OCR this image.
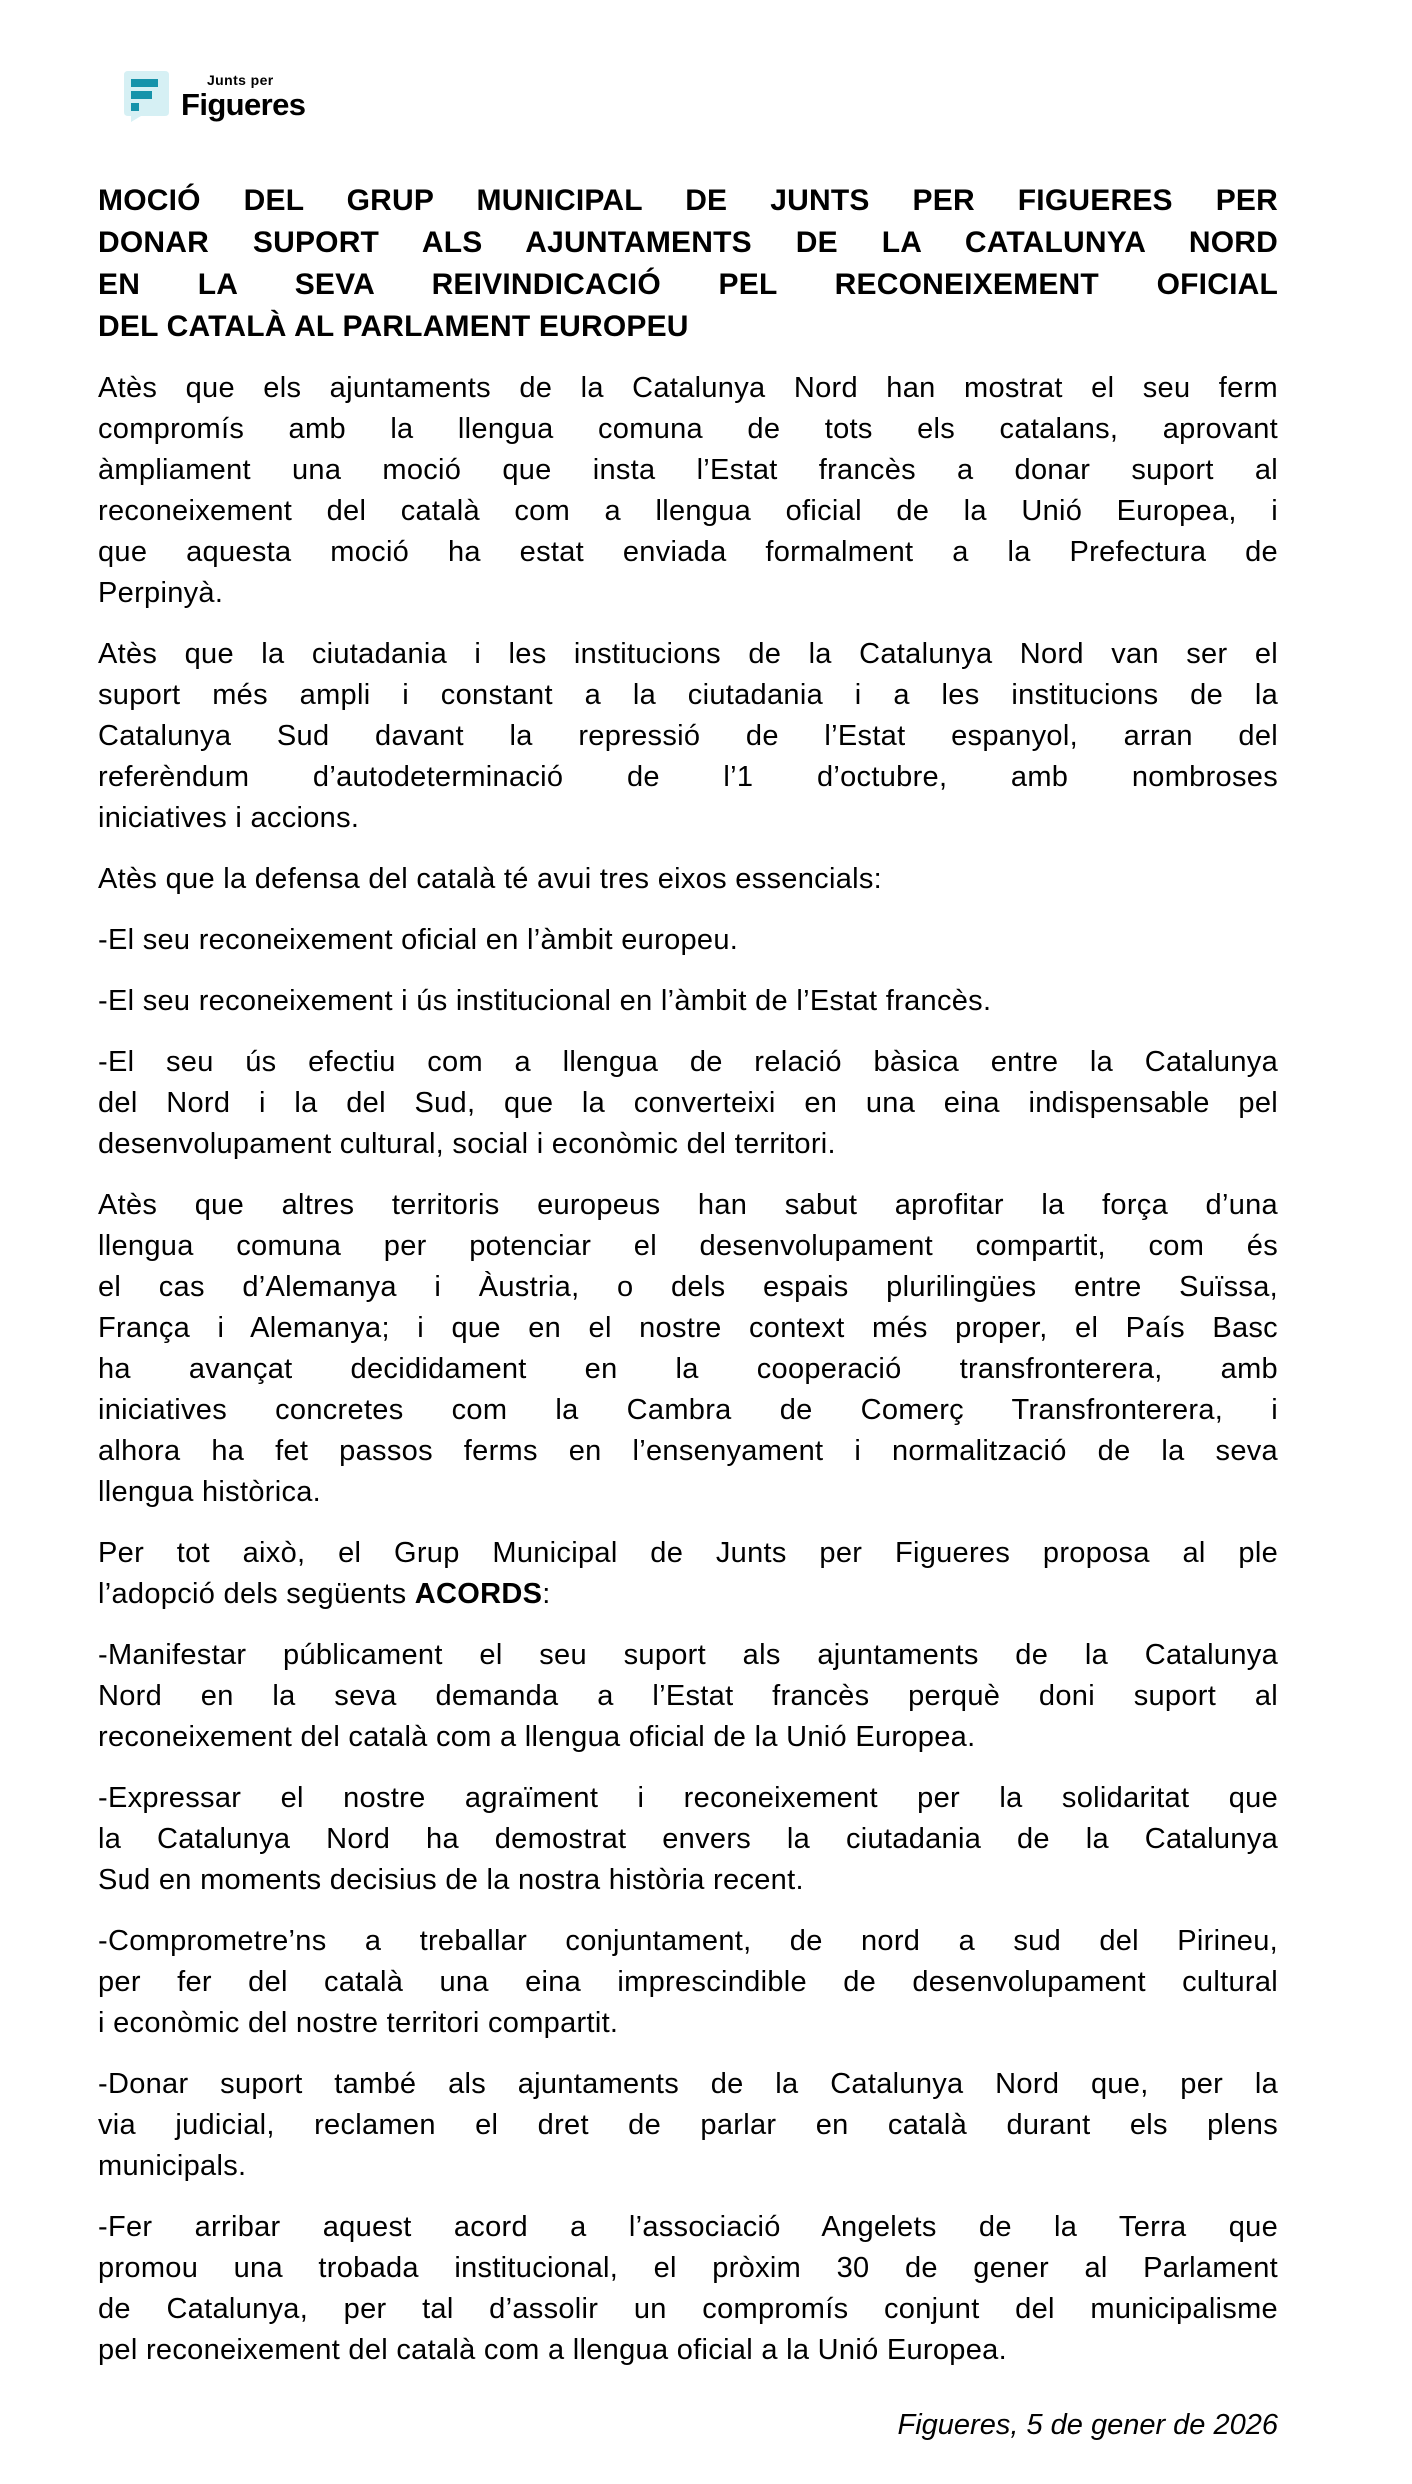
Junts per
Figueres
MOCIÓ DEL GRUP MUNICIPAL DE JUNTS PER FIGUERES PER
DONAR SUPORT ALS AJUNTAMENTS DE LA CATALUNYA NORD
EN LA SEVA REIVINDICACIÓ PEL RECONEIXEMENT OFICIAL
DEL CATALÀ AL PARLAMENT EUROPEU

Atès que els ajuntaments de la Catalunya Nord han mostrat el seu ferm
compromís amb la llengua comuna de tots els catalans, aprovant
àmpliament una moció que insta l’Estat francès a donar suport al
reconeixement del català com a llengua oficial de la Unió Europea, i
que aquesta moció ha estat enviada formalment a la Prefectura de
Perpinyà.

Atès que la ciutadania i les institucions de la Catalunya Nord van ser el
suport més ampli i constant a la ciutadania i a les institucions de la
Catalunya Sud davant la repressió de l’Estat espanyol, arran del
referèndum d’autodeterminació de l’1 d’octubre, amb nombroses
iniciatives i accions.

Atès que la defensa del català té avui tres eixos essencials:

-El seu reconeixement oficial en l’àmbit europeu.

-El seu reconeixement i ús institucional en l’àmbit de l’Estat francès.

-El seu ús efectiu com a llengua de relació bàsica entre la Catalunya
del Nord i la del Sud, que la converteixi en una eina indispensable pel
desenvolupament cultural, social i econòmic del territori.

Atès que altres territoris europeus han sabut aprofitar la força d’una
llengua comuna per potenciar el desenvolupament compartit, com és
el cas d’Alemanya i Àustria, o dels espais plurilingües entre Suïssa,
França i Alemanya; i que en el nostre context més proper, el País Basc
ha avançat decididament en la cooperació transfronterera, amb
iniciatives concretes com la Cambra de Comerç Transfronterera, i
alhora ha fet passos ferms en l’ensenyament i normalització de la seva
llengua històrica.

Per tot això, el Grup Municipal de Junts per Figueres proposa al ple
l’adopció dels següents ACORDS:

-Manifestar públicament el seu suport als ajuntaments de la Catalunya
Nord en la seva demanda a l’Estat francès perquè doni suport al
reconeixement del català com a llengua oficial de la Unió Europea.

-Expressar el nostre agraïment i reconeixement per la solidaritat que
la Catalunya Nord ha demostrat envers la ciutadania de la Catalunya
Sud en moments decisius de la nostra història recent.

-Comprometre’ns a treballar conjuntament, de nord a sud del Pirineu,
per fer del català una eina imprescindible de desenvolupament cultural
i econòmic del nostre territori compartit.

-Donar suport també als ajuntaments de la Catalunya Nord que, per la
via judicial, reclamen el dret de parlar en català durant els plens
municipals.

-Fer arribar aquest acord a l’associació Angelets de la Terra que
promou una trobada institucional, el pròxim 30 de gener al Parlament
de Catalunya, per tal d’assolir un compromís conjunt del municipalisme
pel reconeixement del català com a llengua oficial a la Unió Europea.

Figueres, 5 de gener de 2026
